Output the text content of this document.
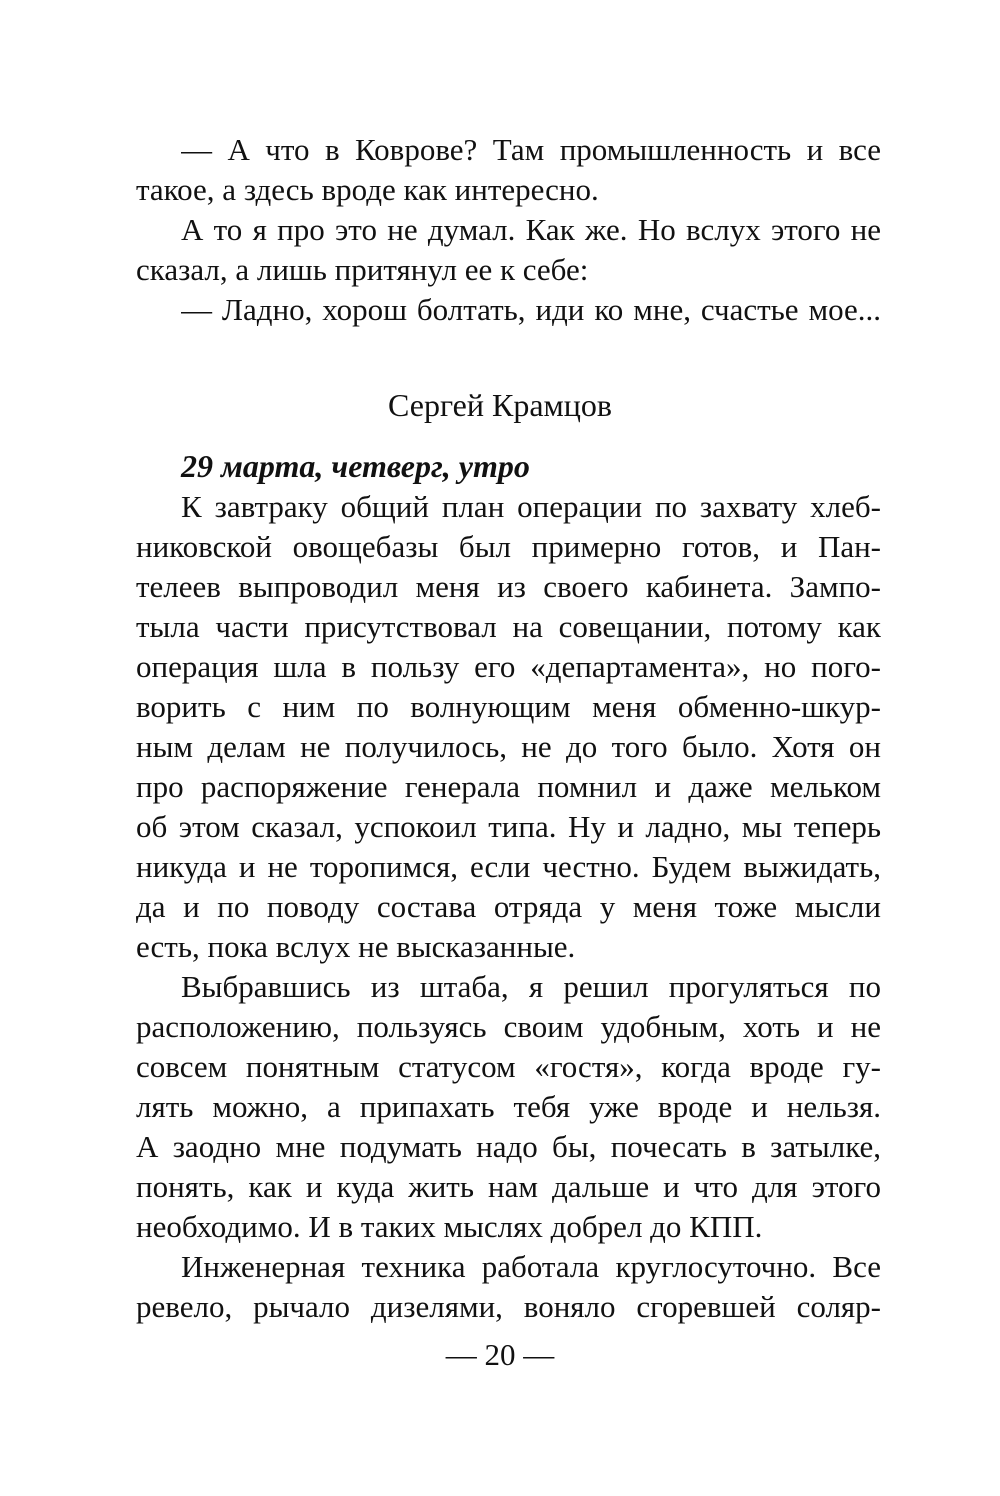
— А что в Коврове? Там промышленность и все
такое, а здесь вроде как интересно.
А то я про это не думал. Как же. Но вслух этого не
сказал, а лишь притянул ее к себе:
— Ладно, хорош болтать, иди ко мне, счастье мое...
Сергей Крамцов
29 марта, четверг, утро
К завтраку общий план операции по захвату хлеб-
никовской овощебазы был примерно готов, и Пан-
телеев выпроводил меня из своего кабинета. Зампо-
тыла части присутствовал на совещании, потому как
операция шла в пользу его «департамента», но пого-
ворить с ним по волнующим меня обменно-шкур-
ным делам не получилось, не до того было. Хотя он
про распоряжение генерала помнил и даже мельком
об этом сказал, успокоил типа. Ну и ладно, мы теперь
никуда и не торопимся, если честно. Будем выжидать,
да и по поводу состава отряда у меня тоже мысли
есть, пока вслух не высказанные.
Выбравшись из штаба, я решил прогуляться по
расположению, пользуясь своим удобным, хоть и не
совсем понятным статусом «гостя», когда вроде гу-
лять можно, а припахать тебя уже вроде и нельзя.
А заодно мне подумать надо бы, почесать в затылке,
понять, как и куда жить нам дальше и что для этого
необходимо. И в таких мыслях добрел до КПП.
Инженерная техника работала круглосуточно. Все
ревело, рычало дизелями, воняло сгоревшей соляр-
— 20 —
